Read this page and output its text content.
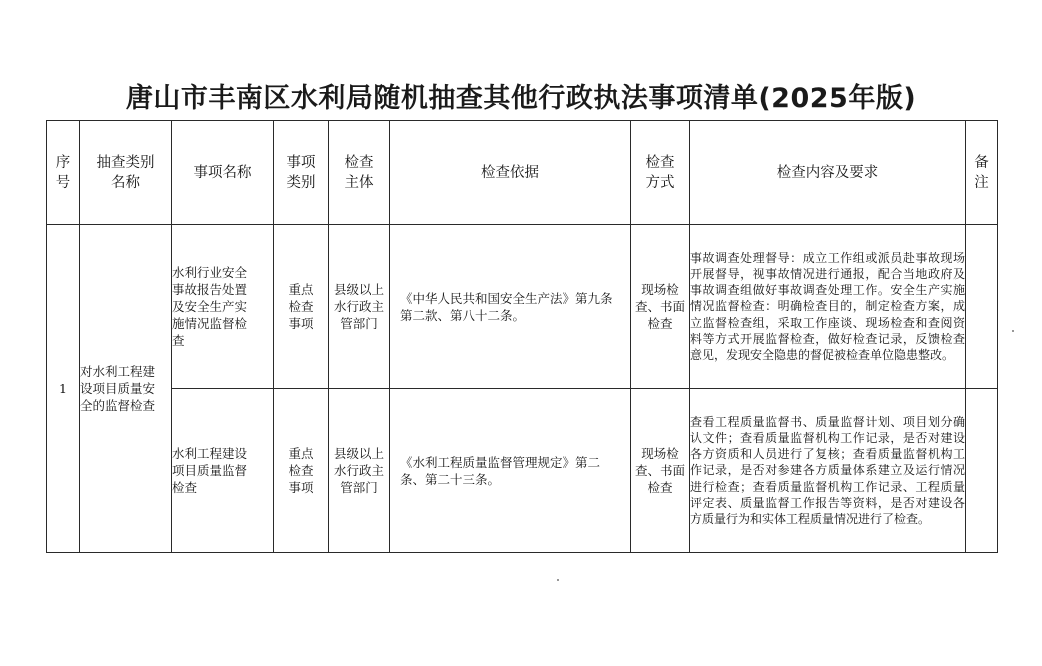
唐山市丰南区水利局随机抽查其他行政执法事项清单(2025年版)
序号	抽查类别名称	事项名称	事项类别	检查主体	检查依据	检查方式	检查内容及要求	备注
1	对水利工程建设项目质量安全的监督检查	水利行业安全事故报告处置及安全生产实施情况监督检查	重点检查事项	县级以上水行政主管部门	《中华人民共和国安全生产法》第九条第二款、第八十二条。	现场检查、书面检查	事故调查处理督导：成立工作组或派员赴事故现场开展督导，视事故情况进行通报，配合当地政府及事故调查组做好事故调查处理工作。安全生产实施情况监督检查：明确检查目的，制定检查方案，成立监督检查组，采取工作座谈、现场检查和查阅资料等方式开展监督检查，做好检查记录，反馈检查意见，发现安全隐患的督促被检查单位隐患整改。	
		水利工程建设项目质量监督检查	重点检查事项	县级以上水行政主管部门	《水利工程质量监督管理规定》第二条、第二十三条。	现场检查、书面检查	查看工程质量监督书、质量监督计划、项目划分确认文件；查看质量监督机构工作记录，是否对建设各方资质和人员进行了复核；查看质量监督机构工作记录，是否对参建各方质量体系建立及运行情况进行检查；查看质量监督机构工作记录、工程质量评定表、质量监督工作报告等资料，是否对建设各方质量行为和实体工程质量情况进行了检查。	
